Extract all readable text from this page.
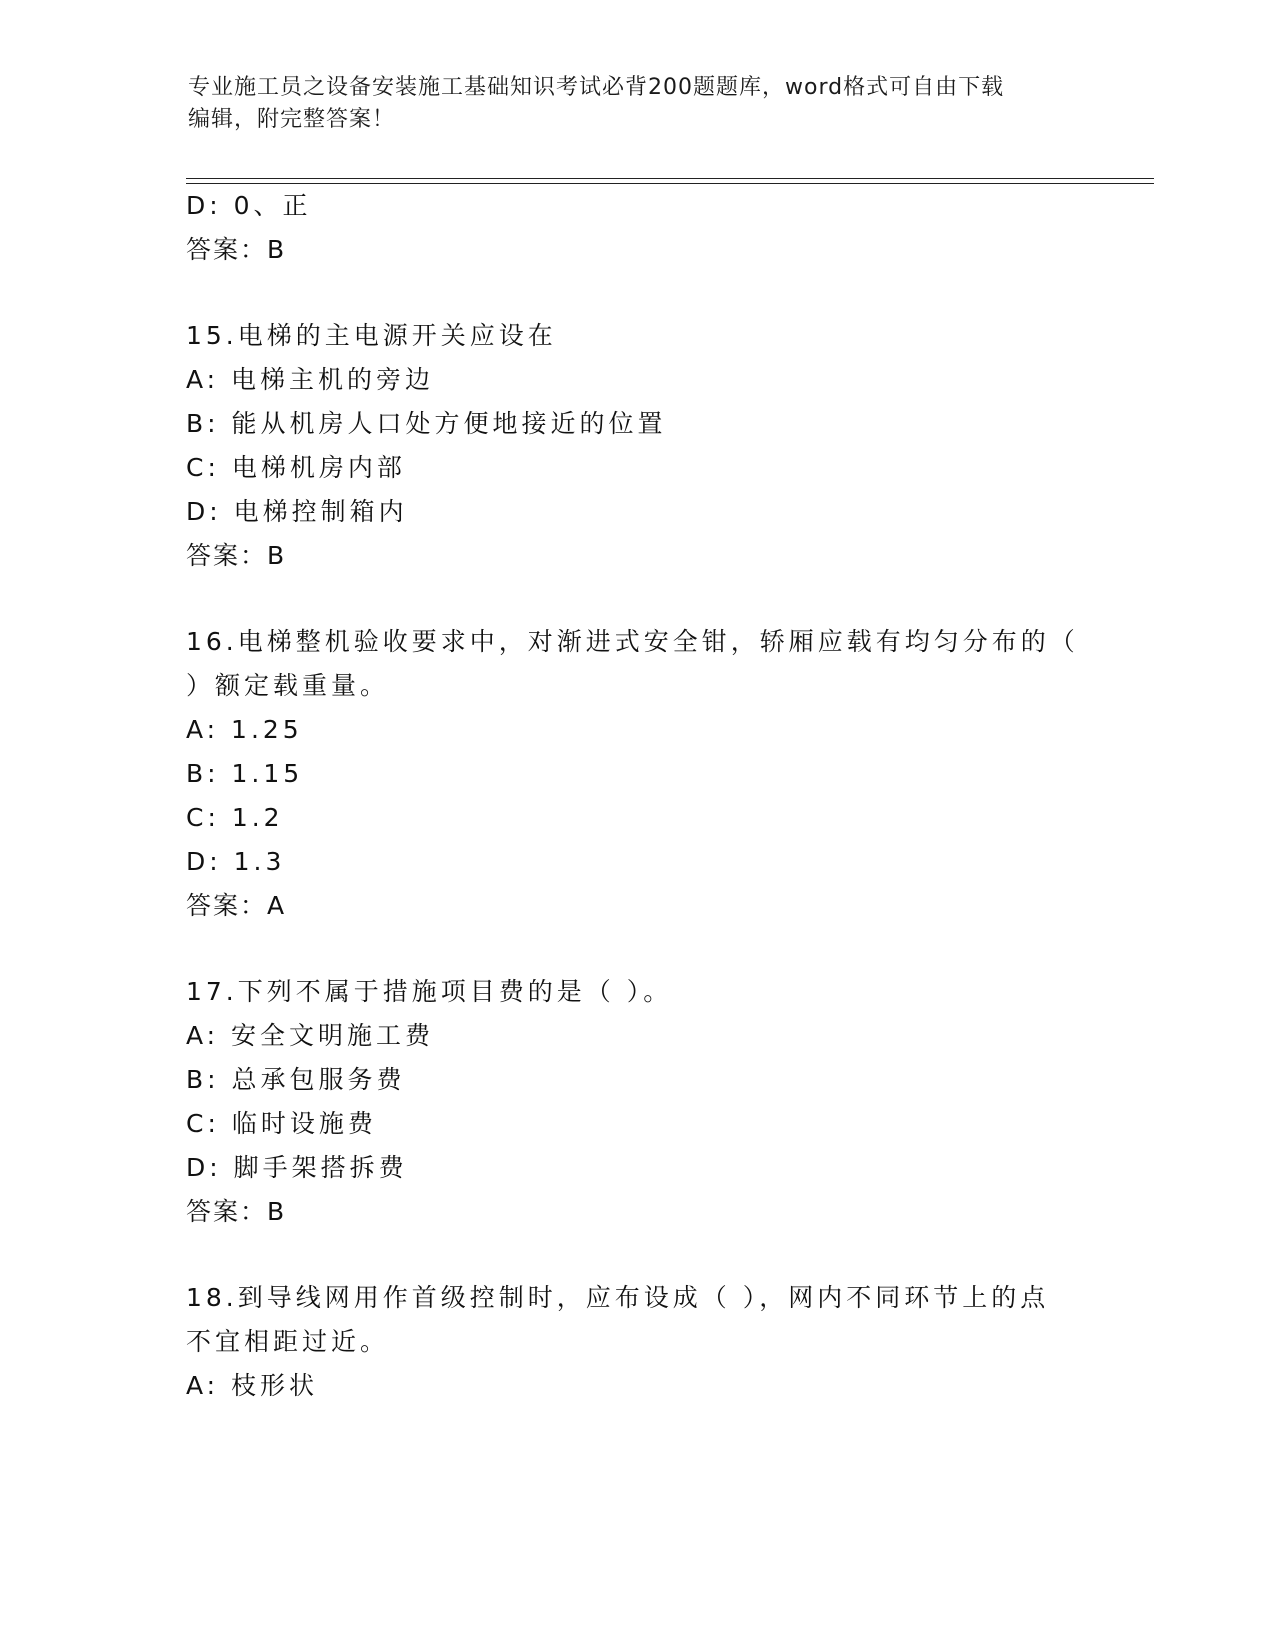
专业施工员之设备安装施工基础知识考试必背200题题库，word格式可自由下载
编辑，附完整答案！
D: 0、正
答案：B
15.电梯的主电源开关应设在
A: 电梯主机的旁边
B: 能从机房人口处方便地接近的位置
C: 电梯机房内部
D: 电梯控制箱内
答案：B
16.电梯整机验收要求中，对渐进式安全钳，轿厢应载有均匀分布的（
）额定载重量。
A: 1.25
B: 1.15
C: 1.2
D: 1.3
答案：A
17.下列不属于措施项目费的是（ ）。
A: 安全文明施工费
B: 总承包服务费
C: 临时设施费
D: 脚手架搭拆费
答案：B
18.到导线网用作首级控制时，应布设成（ ），网内不同环节上的点
不宜相距过近。
A: 枝形状
